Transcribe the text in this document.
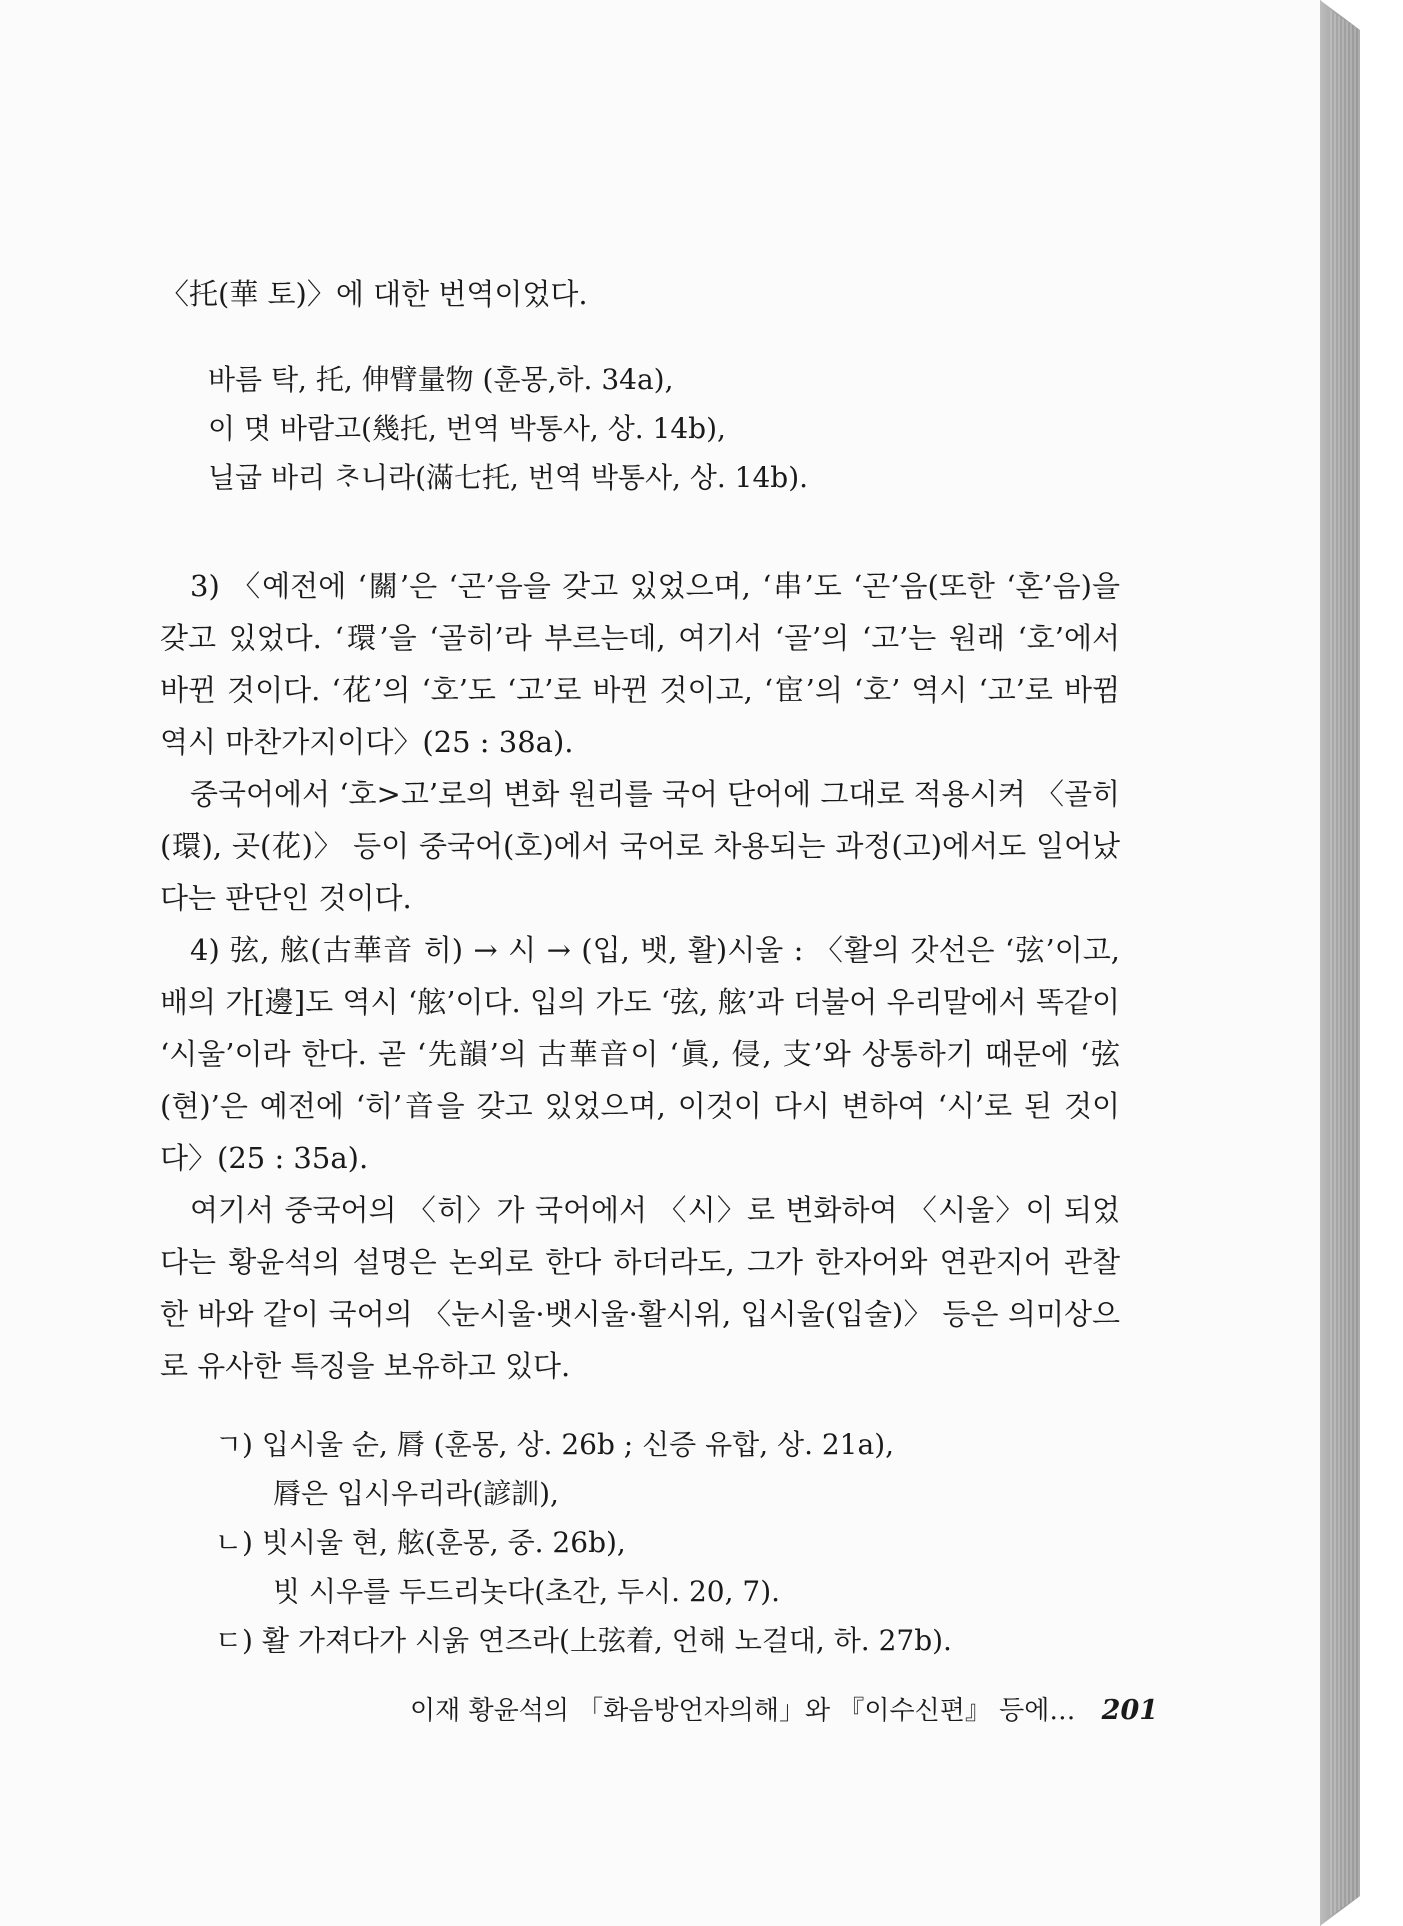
〈托(華 토)〉에 대한 번역이었다.
바름 탁, 托, 伸臂量物 (훈몽,하. 34a),
이 몃 바람고(幾托, 번역 박통사, 상. 14b),
닐굽 바리 ᄎᆞ니라(滿七托, 번역 박통사, 상. 14b).

3) 〈예전에 ‘關’은 ‘곤’음을 갖고 있었으며, ‘串’도 ‘곤’음(또한 ‘혼’음)을 갖고 있었다. ‘環’을 ‘골히’라 부르는데, 여기서 ‘골’의 ‘고’는 원래 ‘호’에서 바뀐 것이다. ‘花’의 ‘호’도 ‘고’로 바뀐 것이고, ‘宦’의 ‘호’ 역시 ‘고’로 바뀜 역시 마찬가지이다〉(25 : 38a).

중국어에서 ‘호>고’로의 변화 원리를 국어 단어에 그대로 적용시켜 〈골히(環), 곳(花)〉 등이 중국어(호)에서 국어로 차용되는 과정(고)에서도 일어났다는 판단인 것이다.

4) 弦, 舷(古華音 히) → 시 → (입, 뱃, 활)시울 : 〈활의 갓선은 ‘弦’이고, 배의 가[邊]도 역시 ‘舷’이다. 입의 가도 ‘弦, 舷’과 더불어 우리말에서 똑같이 ‘시울’이라 한다. 곧 ‘先韻’의 古華音이 ‘眞, 侵, 支’와 상통하기 때문에 ‘弦(현)’은 예전에 ‘히’音을 갖고 있었으며, 이것이 다시 변하여 ‘시’로 된 것이다〉(25 : 35a).

여기서 중국어의 〈히〉가 국어에서 〈시〉로 변화하여 〈시울〉이 되었다는 황윤석의 설명은 논외로 한다 하더라도, 그가 한자어와 연관지어 관찰한 바와 같이 국어의 〈눈시울·뱃시울·활시위, 입시울(입술)〉 등은 의미상으로 유사한 특징을 보유하고 있다.

ㄱ) 입시울 순, 脣 (훈몽, 상. 26b ; 신증 유합, 상. 21a),
脣은 입시우리라(諺訓),
ㄴ) 빗시울 현, 舷(훈몽, 중. 26b),
빗 시우를 두드리놋다(초간, 두시. 20, 7).
ㄷ) 활 가져다가 시욹 연즈라(上弦着, 언해 노걸대, 하. 27b).
이재 황윤석의 「화음방언자의해」와 『이수신편』 등에… 201
